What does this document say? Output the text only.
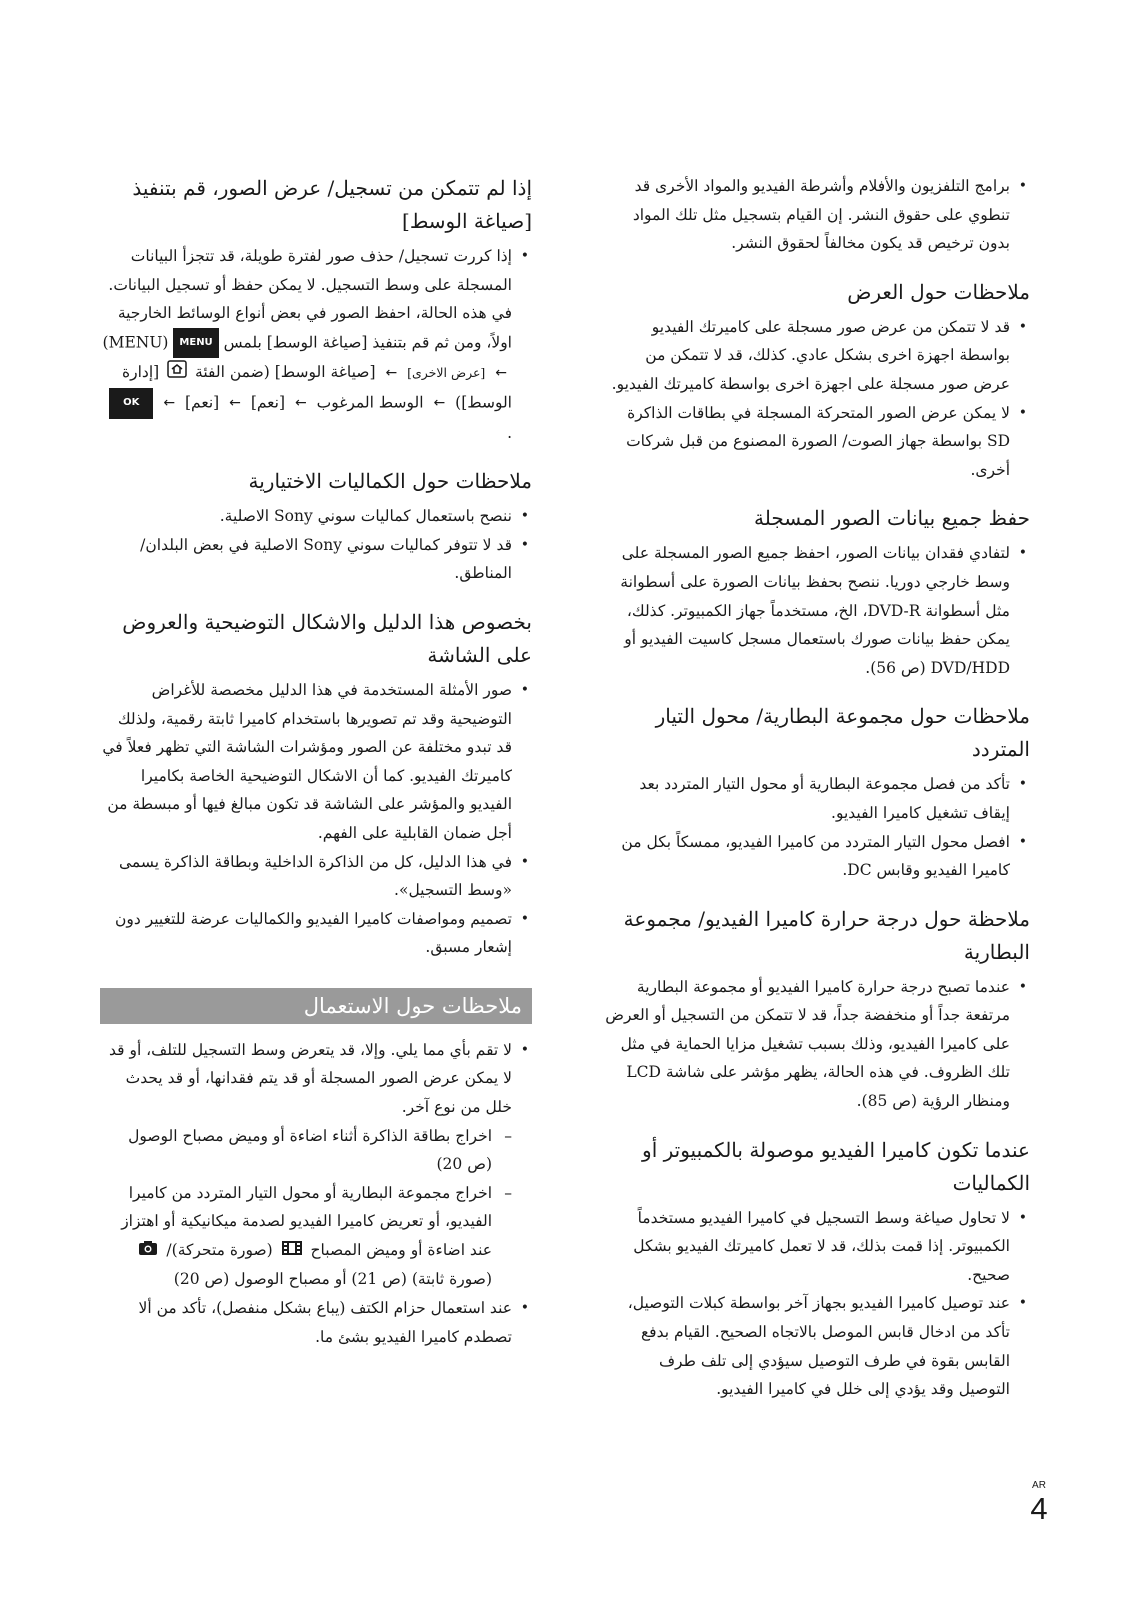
• برامج التلفزيون والأفلام وأشرطة الفيديو والمواد الأخرى قد تنطوي على حقوق النشر. إن القيام بتسجيل مثل تلك المواد بدون ترخيص قد يكون مخالفاً لحقوق النشر.
ملاحظات حول العرض
• قد لا تتمكن من عرض صور مسجلة على كاميرتك الفيديو بواسطة اجهزة اخرى بشكل عادي. كذلك، قد لا تتمكن من عرض صور مسجلة على اجهزة اخرى بواسطة كاميرتك الفيديو.
• لا يمكن عرض الصور المتحركة المسجلة في بطاقات الذاكرة SD بواسطة جهاز الصوت/ الصورة المصنوع من قبل شركات أخرى.
حفظ جميع بيانات الصور المسجلة
• لتفادي فقدان بيانات الصور، احفظ جميع الصور المسجلة على وسط خارجي دوريا. ننصح بحفظ بيانات الصورة على أسطوانة مثل أسطوانة DVD-R، الخ، مستخدماً جهاز الكمبيوتر. كذلك، يمكن حفظ بيانات صورك باستعمال مسجل كاسيت الفيديو أو DVD/HDD (ص 56).
ملاحظات حول مجموعة البطارية/ محول التيار المتردد
• تأكد من فصل مجموعة البطارية أو محول التيار المتردد بعد إيقاف تشغيل كاميرا الفيديو.
• افصل محول التيار المتردد من كاميرا الفيديو، ممسكاً بكل من كاميرا الفيديو وقابس DC.
ملاحظة حول درجة حرارة كاميرا الفيديو/ مجموعة البطارية
• عندما تصبح درجة حرارة كاميرا الفيديو أو مجموعة البطارية مرتفعة جداً أو منخفضة جداً، قد لا تتمكن من التسجيل أو العرض على كاميرا الفيديو، وذلك بسبب تشغيل مزايا الحماية في مثل تلك الظروف. في هذه الحالة، يظهر مؤشر على شاشة LCD ومنظار الرؤية (ص 85).
عندما تكون كاميرا الفيديو موصولة بالكمبيوتر أو الكماليات
• لا تحاول صياغة وسط التسجيل في كاميرا الفيديو مستخدماً الكمبيوتر. إذا قمت بذلك، قد لا تعمل كاميرتك الفيديو بشكل صحيح.
• عند توصيل كاميرا الفيديو بجهاز آخر بواسطة كبلات التوصيل، تأكد من ادخال قابس الموصل بالاتجاه الصحيح. القيام بدفع القابس بقوة في طرف التوصيل سيؤدي إلى تلف طرف التوصيل وقد يؤدي إلى خلل في كاميرا الفيديو.
إذا لم تتمكن من تسجيل/ عرض الصور، قم بتنفيذ [صياغة الوسط]
• إذا كررت تسجيل/ حذف صور لفترة طويلة، قد تتجزأ البيانات المسجلة على وسط التسجيل. لا يمكن حفظ أو تسجيل البيانات. في هذه الحالة، احفظ الصور في بعض أنواع الوسائط الخارجية اولاً، ومن ثم قم بتنفيذ [صياغة الوسط] بلمس MENU (MENU) ← [عرض الاخرى] ← [صياغة الوسط] (ضمن الفئة  [إدارة الوسط]) ← الوسط المرغوب ← [نعم] ← [نعم] ← OK .
ملاحظات حول الكماليات الاختيارية
• ننصح باستعمال كماليات سوني Sony الاصلية.
• قد لا تتوفر كماليات سوني Sony الاصلية في بعض البلدان/ المناطق.
بخصوص هذا الدليل والاشكال التوضيحية والعروض على الشاشة
• صور الأمثلة المستخدمة في هذا الدليل مخصصة للأغراض التوضيحية وقد تم تصويرها باستخدام كاميرا ثابتة رقمية، ولذلك قد تبدو مختلفة عن الصور ومؤشرات الشاشة التي تظهر فعلاً في كاميرتك الفيديو. كما أن الاشكال التوضيحية الخاصة بكاميرا الفيديو والمؤشر على الشاشة قد تكون مبالغ فيها أو مبسطة من أجل ضمان القابلية على الفهم.
• في هذا الدليل، كل من الذاكرة الداخلية وبطاقة الذاكرة يسمى «وسط التسجيل».
• تصميم ومواصفات كاميرا الفيديو والكماليات عرضة للتغيير دون إشعار مسبق.
ملاحظات حول الاستعمال
• لا تقم بأي مما يلي. وإلا، قد يتعرض وسط التسجيل للتلف، أو قد لا يمكن عرض الصور المسجلة أو قد يتم فقدانها، أو قد يحدث خلل من نوع آخر.
– اخراج بطاقة الذاكرة أثناء اضاءة أو وميض مصباح الوصول (ص 20)
– اخراج مجموعة البطارية أو محول التيار المتردد من كاميرا الفيديو، أو تعريض كاميرا الفيديو لصدمة ميكانيكية أو اهتزاز عند اضاءة أو وميض المصباح  (صورة متحركة)/  (صورة ثابتة) (ص 21) أو مصباح الوصول (ص 20)
• عند استعمال حزام الكتف (يباع بشكل منفصل)، تأكد من ألا تصطدم كاميرا الفيديو بشئ ما.
AR
4
